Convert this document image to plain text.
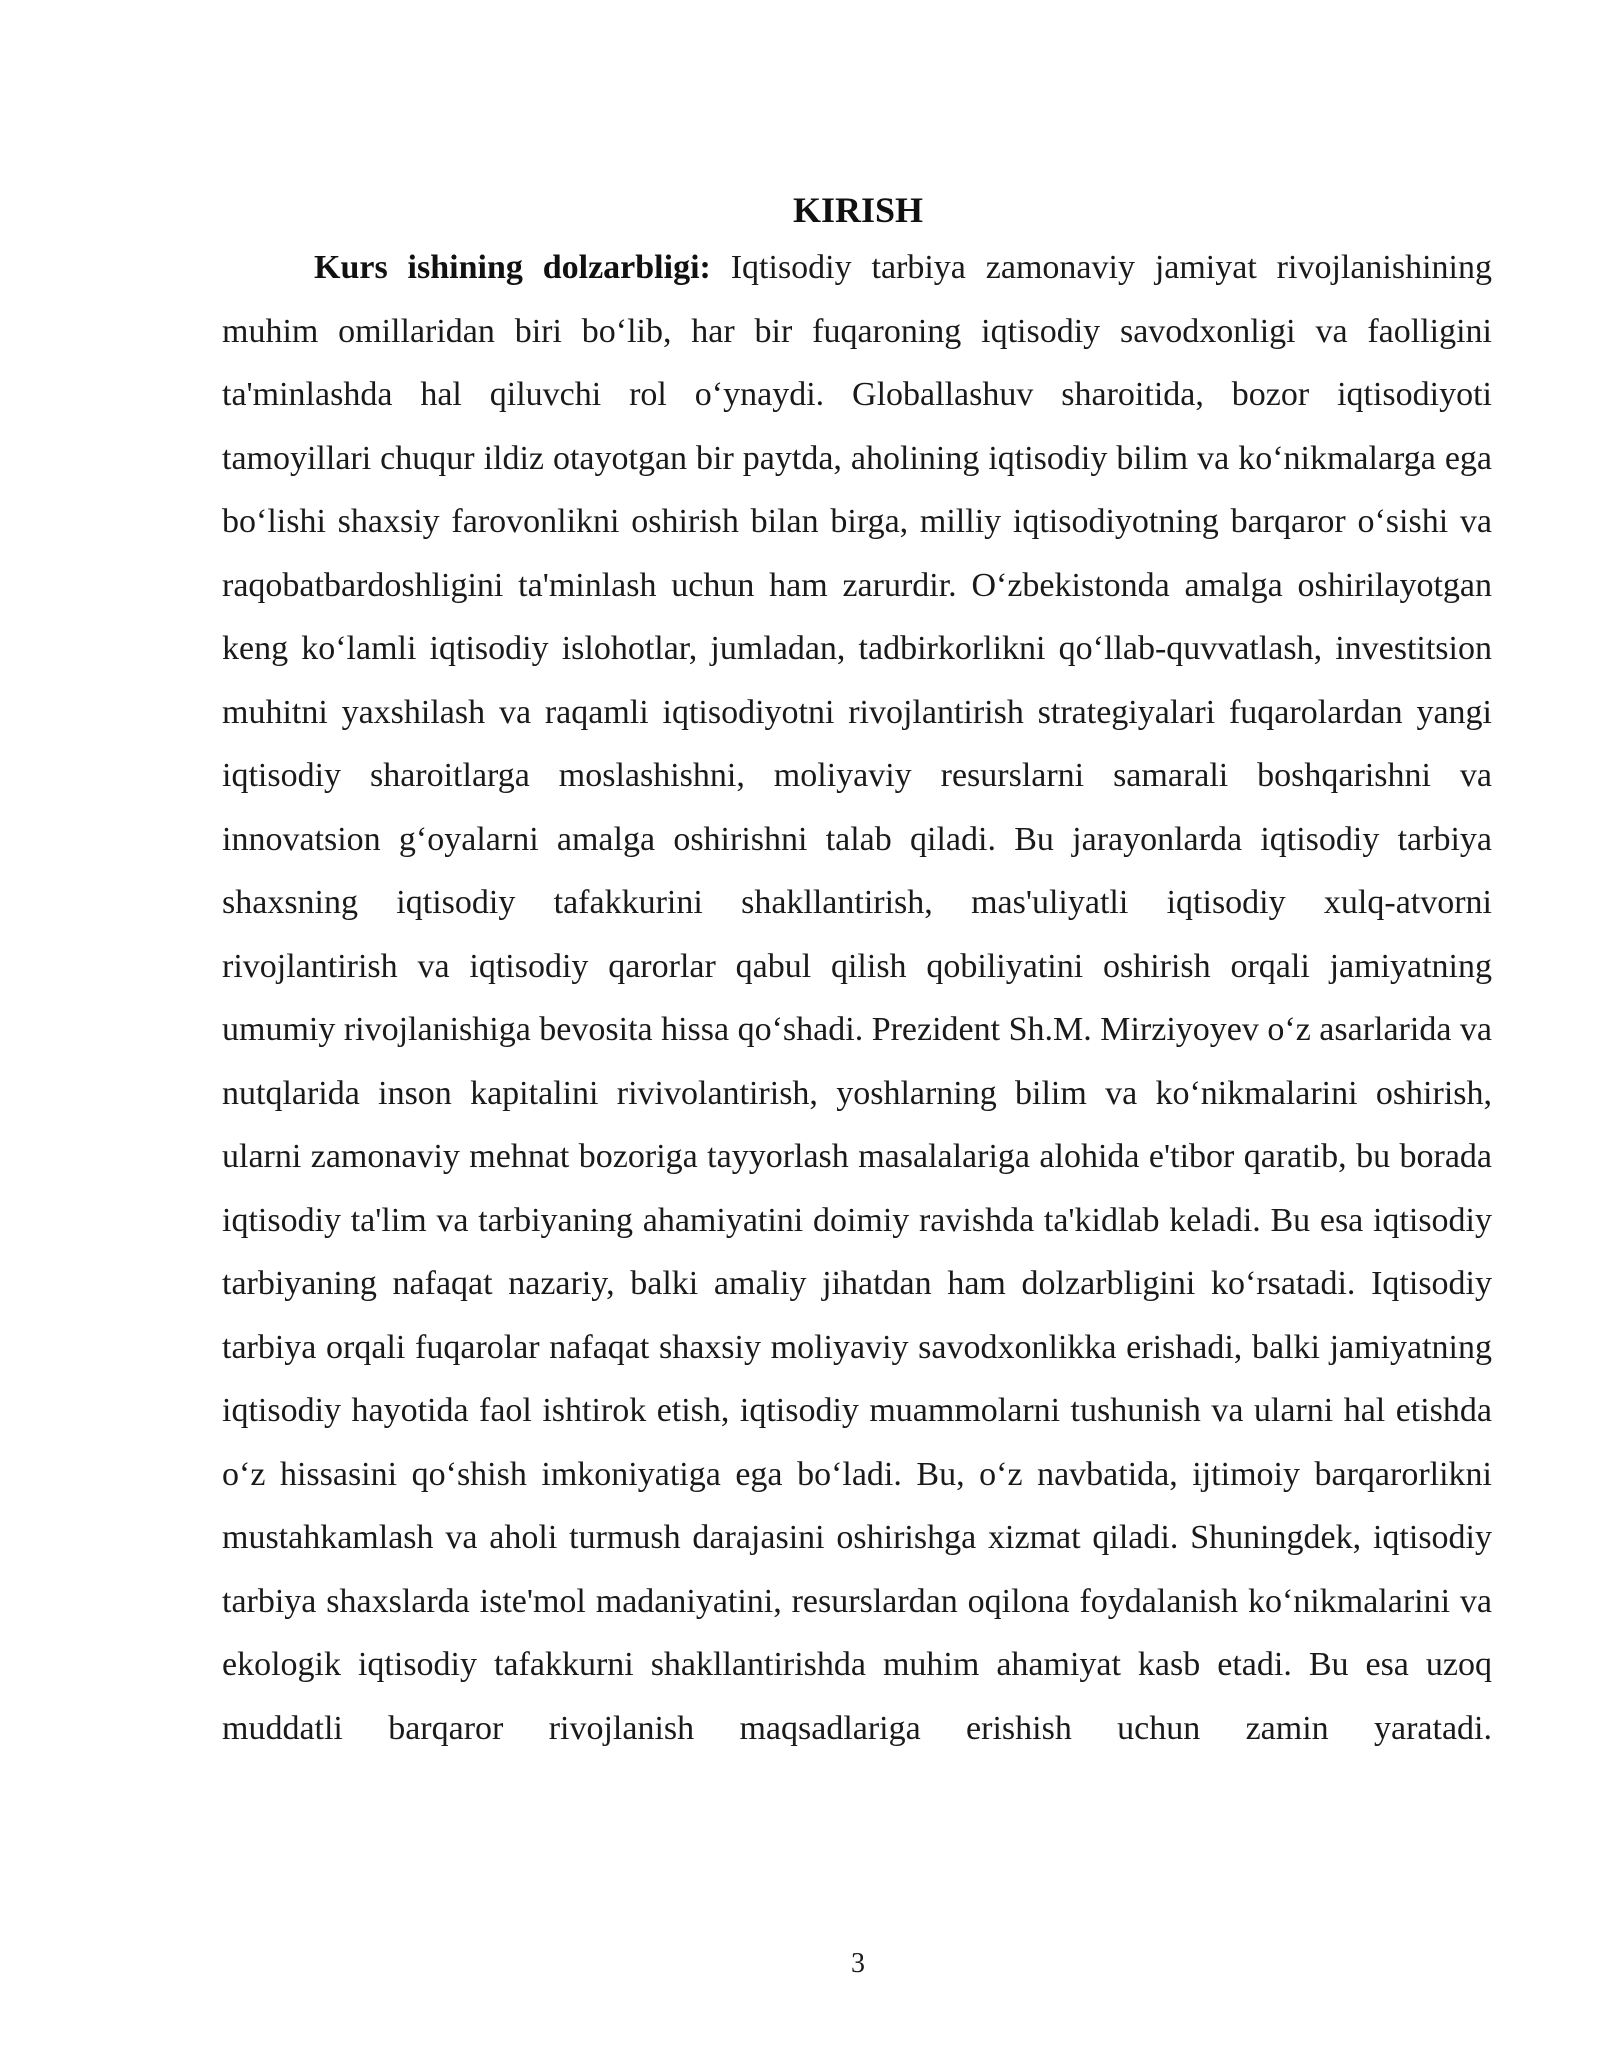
KIRISH

Kurs ishining dolzarbligi: Iqtisodiy tarbiya zamonaviy jamiyat rivojlanishining muhim omillaridan biri bo‘lib, har bir fuqaroning iqtisodiy savodxonligi va faolligini ta'minlashda hal qiluvchi rol o‘ynaydi. Globallashuv sharoitida, bozor iqtisodiyoti tamoyillari chuqur ildiz otayotgan bir paytda, aholining iqtisodiy bilim va ko‘nikmalarga ega bo‘lishi shaxsiy farovonlikni oshirish bilan birga, milliy iqtisodiyotning barqaror o‘sishi va raqobatbardoshligini ta'minlash uchun ham zarurdir. O‘zbekistonda amalga oshirilayotgan keng ko‘lamli iqtisodiy islohotlar, jumladan, tadbirkorlikni qo‘llab-quvvatlash, investitsion muhitni yaxshilash va raqamli iqtisodiyotni rivojlantirish strategiyalari fuqarolardan yangi iqtisodiy sharoitlarga moslashishni, moliyaviy resurslarni samarali boshqarishni va innovatsion g‘oyalarni amalga oshirishni talab qiladi. Bu jarayonlarda iqtisodiy tarbiya shaxsning iqtisodiy tafakkurini shakllantirish, mas'uliyatli iqtisodiy xulq-atvorni rivojlantirish va iqtisodiy qarorlar qabul qilish qobiliyatini oshirish orqali jamiyatning umumiy rivojlanishiga bevosita hissa qo‘shadi. Prezident Sh.M. Mirziyoyev o‘z asarlarida va nutqlarida inson kapitalini rivivolantirish, yoshlarning bilim va ko‘nikmalarini oshirish, ularni zamonaviy mehnat bozoriga tayyorlash masalalariga alohida e'tibor qaratib, bu borada iqtisodiy ta'lim va tarbiyaning ahamiyatini doimiy ravishda ta'kidlab keladi. Bu esa iqtisodiy tarbiyaning nafaqat nazariy, balki amaliy jihatdan ham dolzarbligini ko‘rsatadi. Iqtisodiy tarbiya orqali fuqarolar nafaqat shaxsiy moliyaviy savodxonlikka erishadi, balki jamiyatning iqtisodiy hayotida faol ishtirok etish, iqtisodiy muammolarni tushunish va ularni hal etishda o‘z hissasini qo‘shish imkoniyatiga ega bo‘ladi. Bu, o‘z navbatida, ijtimoiy barqarorlikni mustahkamlash va aholi turmush darajasini oshirishga xizmat qiladi. Shuningdek, iqtisodiy tarbiya shaxslarda iste'mol madaniyatini, resurslardan oqilona foydalanish ko‘nikmalarini va ekologik iqtisodiy tafakkurni shakllantirishda muhim ahamiyat kasb etadi. Bu esa uzoq muddatli barqaror rivojlanish maqsadlariga erishish uchun zamin yaratadi.

3
